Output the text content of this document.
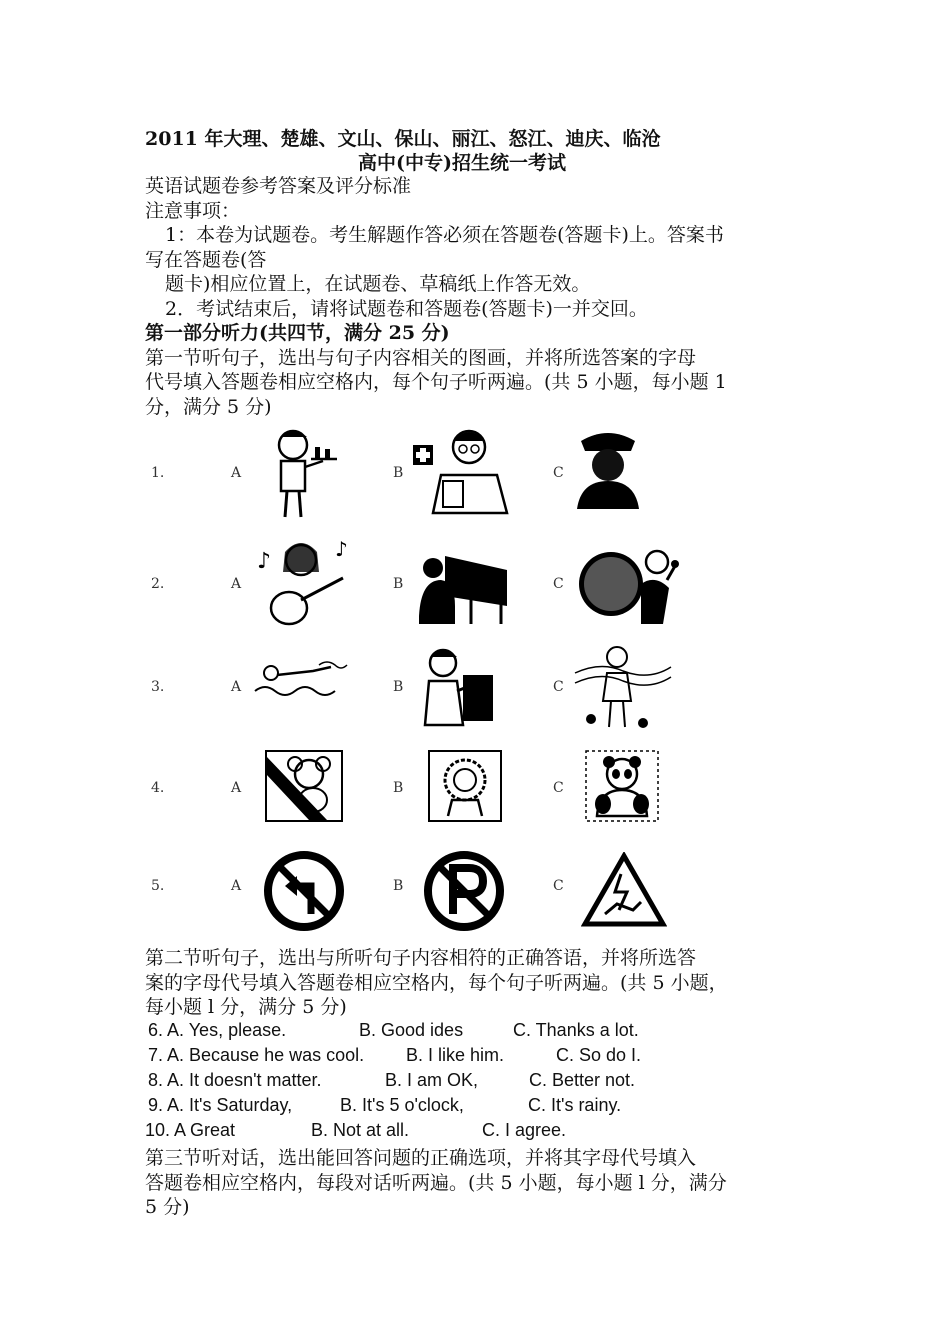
2011 年大理、楚雄、文山、保山、丽江、怒江、迪庆、临沧
高中(中专)招生统一考试
英语试题卷参考答案及评分标准
注意事项：
1：本卷为试题卷。考生解题作答必须在答题卷(答题卡)上。答案书
写在答题卷(答
题卡)相应位置上，在试题卷、草稿纸上作答无效。
2．考试结束后，请将试题卷和答题卷(答题卡)一并交回。
第一部分听力(共四节，满分 25 分)
第一节听句子，选出与句子内容相关的图画，并将所选答案的字母
代号填入答题卷相应空格内，每个句子听两遍。(共 5 小题，每小题 1
分，满分 5 分)
1.	A	B	C
2.	A	B	C
♪	♪
3.	A	B	C
4.	A	B	C
5.	A	B	C
第二节听句子，选出与所听句子内容相符的正确答语，并将所选答
案的字母代号填入答题卷相应空格内，每个句子听两遍。(共 5 小题，
每小题 l 分，满分 5 分)
6. A. Yes, please.	B. Good ides	C. Thanks a lot.
7. A. Because he was cool. B. I like him.	C. So do I.
8. A. It doesn't matter.	B. I am OK,	C. Better not.
9. A. It's Saturday,	B. It's 5 o'clock,	C. It's rainy.
10. A Great	B. Not at all.	C. I agree.
第三节听对话，选出能回答问题的正确选项，并将其字母代号填入
答题卷相应空格内，每段对话听两遍。(共 5 小题，每小题 l 分，满分
5 分)
